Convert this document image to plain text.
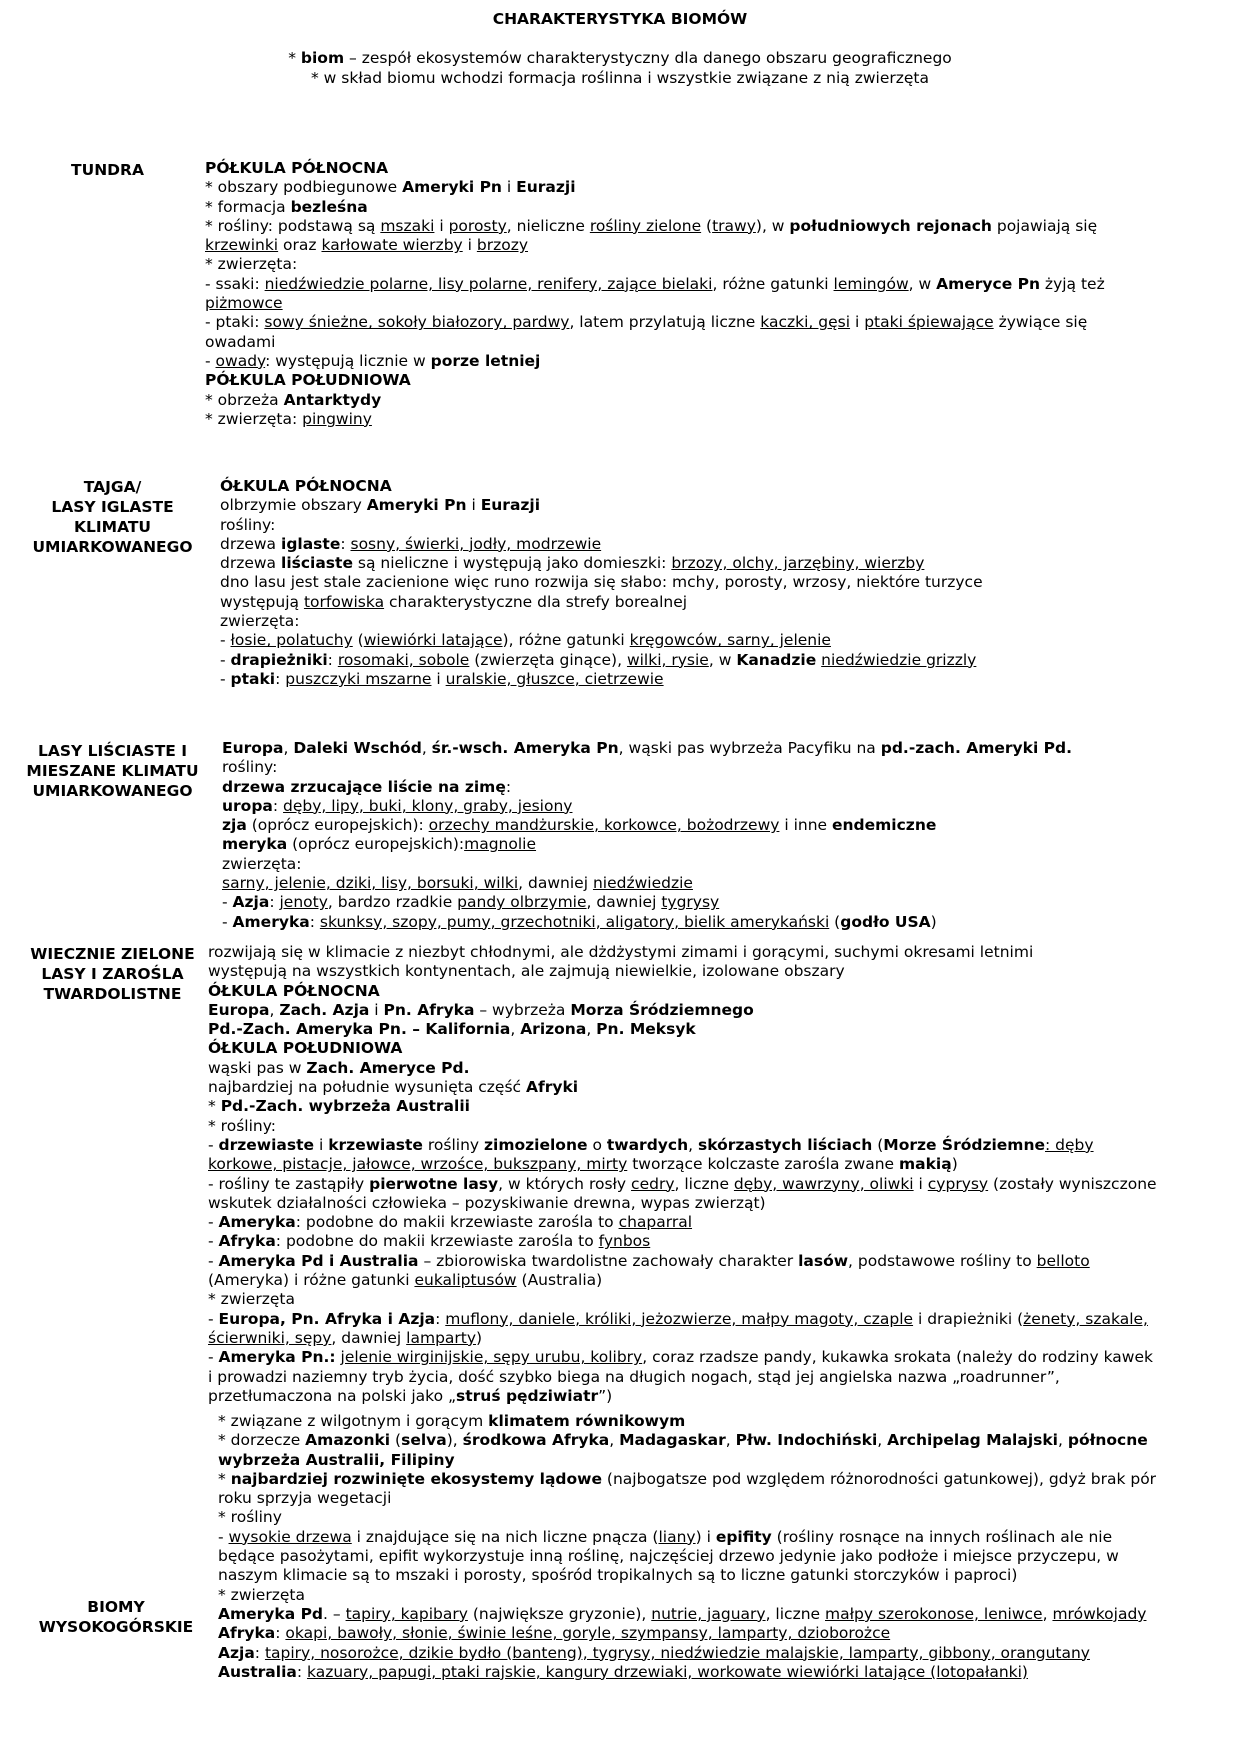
CHARAKTERYSTYKA BIOMÓW
* biom – zespół ekosystemów charakterystyczny dla danego obszaru geograficznego
* w skład biomu wchodzi formacja roślinna i wszystkie związane z nią zwierzęta
TUNDRA	PÓŁKULA PÓŁNOCNA

* obszary podbiegunowe Ameryki Pn i Eurazji

* formacja bezleśna

* rośliny: podstawą są mszaki i porosty, nieliczne rośliny zielone (trawy), w południowych rejonach pojawiają się

krzewinki oraz karłowate wierzby i brzozy

* zwierzęta:

- ssaki: niedźwiedzie polarne, lisy polarne, renifery, zające bielaki, różne gatunki lemingów, w Ameryce Pn żyją też

piżmowce

- ptaki: sowy śnieżne, sokoły białozory, pardwy, latem przylatują liczne kaczki, gęsi i ptaki śpiewające żywiące się

owadami

- owady: występują licznie w porze letniej

PÓŁKULA POŁUDNIOWA

* obrzeża Antarktydy

* zwierzęta: pingwiny

TAJGA/
LASY IGLASTE
KLIMATU
UMIARKOWANEGO

ÓŁKULA PÓŁNOCNA

olbrzymie obszary Ameryki Pn i Eurazji

rośliny:

drzewa iglaste: sosny, świerki, jodły, modrzewie

drzewa liściaste są nieliczne i występują jako domieszki: brzozy, olchy, jarzębiny, wierzby

dno lasu jest stale zacienione więc runo rozwija się słabo: mchy, porosty, wrzosy, niektóre turzyce

występują torfowiska charakterystyczne dla strefy borealnej

zwierzęta:

- łosie, polatuchy (wiewiórki latające), różne gatunki kręgowców, sarny, jelenie

- drapieżniki: rosomaki, sobole (zwierzęta ginące), wilki, rysie, w Kanadzie niedźwiedzie grizzly

- ptaki: puszczyki mszarne i uralskie, głuszce, cietrzewie

LASY LIŚCIASTE I
MIESZANE KLIMATU
UMIARKOWANEGO

Europa, Daleki Wschód, śr.-wsch. Ameryka Pn, wąski pas wybrzeża Pacyfiku na pd.-zach. Ameryki Pd.

rośliny:

drzewa zrzucające liście na zimę:

uropa: dęby, lipy, buki, klony, graby, jesiony

zja (oprócz europejskich): orzechy mandżurskie, korkowce, bożodrzewy i inne endemiczne

meryka (oprócz europejskich):magnolie

zwierzęta:

sarny, jelenie, dziki, lisy, borsuki, wilki, dawniej niedźwiedzie

- Azja: jenoty, bardzo rzadkie pandy olbrzymie, dawniej tygrysy

- Ameryka: skunksy, szopy, pumy, grzechotniki, aligatory, bielik amerykański (godło USA)

WIECZNIE ZIELONE
LASY I ZAROŚLA
TWARDOLISTNE

rozwijają się w klimacie z niezbyt chłodnymi, ale dżdżystymi zimami i gorącymi, suchymi okresami letnimi

występują na wszystkich kontynentach, ale zajmują niewielkie, izolowane obszary

ÓŁKULA PÓŁNOCNA

Europa, Zach. Azja i Pn. Afryka – wybrzeża Morza Śródziemnego

Pd.-Zach. Ameryka Pn. – Kalifornia, Arizona, Pn. Meksyk

ÓŁKULA POŁUDNIOWA

wąski pas w Zach. Ameryce Pd.

najbardziej na południe wysunięta część Afryki

* Pd.-Zach. wybrzeża Australii

* rośliny:

- drzewiaste i krzewiaste rośliny zimozielone o twardych, skórzastych liściach (Morze Śródziemne: dęby

korkowe, pistacje, jałowce, wrzośce, bukszpany, mirty tworzące kolczaste zarośla zwane makią)

- rośliny te zastąpiły pierwotne lasy, w których rosły cedry, liczne dęby, wawrzyny, oliwki i cyprysy (zostały wyniszczone

wskutek działalności człowieka – pozyskiwanie drewna, wypas zwierząt)

- Ameryka: podobne do makii krzewiaste zarośla to chaparral

- Afryka: podobne do makii krzewiaste zarośla to fynbos

- Ameryka Pd i Australia – zbiorowiska twardolistne zachowały charakter lasów, podstawowe rośliny to belloto

(Ameryka) i różne gatunki eukaliptusów (Australia)

* zwierzęta

- Europa, Pn. Afryka i Azja: muflony, daniele, króliki, jeżozwierze, małpy magoty, czaple i drapieżniki (żenety, szakale,

ścierwniki, sępy, dawniej lamparty)

- Ameryka Pn.: jelenie wirginijskie, sępy urubu, kolibry, coraz rzadsze pandy, kukawka srokata (należy do rodziny kawek

i prowadzi naziemny tryb życia, dość szybko biega na długich nogach, stąd jej angielska nazwa „roadrunner”,

przetłumaczona na polski jako „struś pędziwiatr”)

BIOMY
WYSOKOGÓRSKIE

* związane z wilgotnym i gorącym klimatem równikowym

* dorzecze Amazonki (selva), środkowa Afryka, Madagaskar, Płw. Indochiński, Archipelag Malajski, północne

wybrzeża Australii, Filipiny

* najbardziej rozwinięte ekosystemy lądowe (najbogatsze pod względem różnorodności gatunkowej), gdyż brak pór

roku sprzyja wegetacji

* rośliny

- wysokie drzewa i znajdujące się na nich liczne pnącza (liany) i epifity (rośliny rosnące na innych roślinach ale nie

będące pasożytami, epifit wykorzystuje inną roślinę, najczęściej drzewo jedynie jako podłoże i miejsce przyczepu, w

naszym klimacie są to mszaki i porosty, spośród tropikalnych są to liczne gatunki storczyków i paproci)

* zwierzęta

Ameryka Pd. – tapiry, kapibary (największe gryzonie), nutrie, jaguary, liczne małpy szerokonose, leniwce, mrówkojady

Afryka: okapi, bawoły, słonie, świnie leśne, goryle, szympansy, lamparty, dzioborożce

Azja: tapiry, nosorożce, dzikie bydło (banteng), tygrysy, niedźwiedzie malajskie, lamparty, gibbony, orangutany

Australia: kazuary, papugi, ptaki rajskie, kangury drzewiaki, workowate wiewiórki latające (lotopałanki)
